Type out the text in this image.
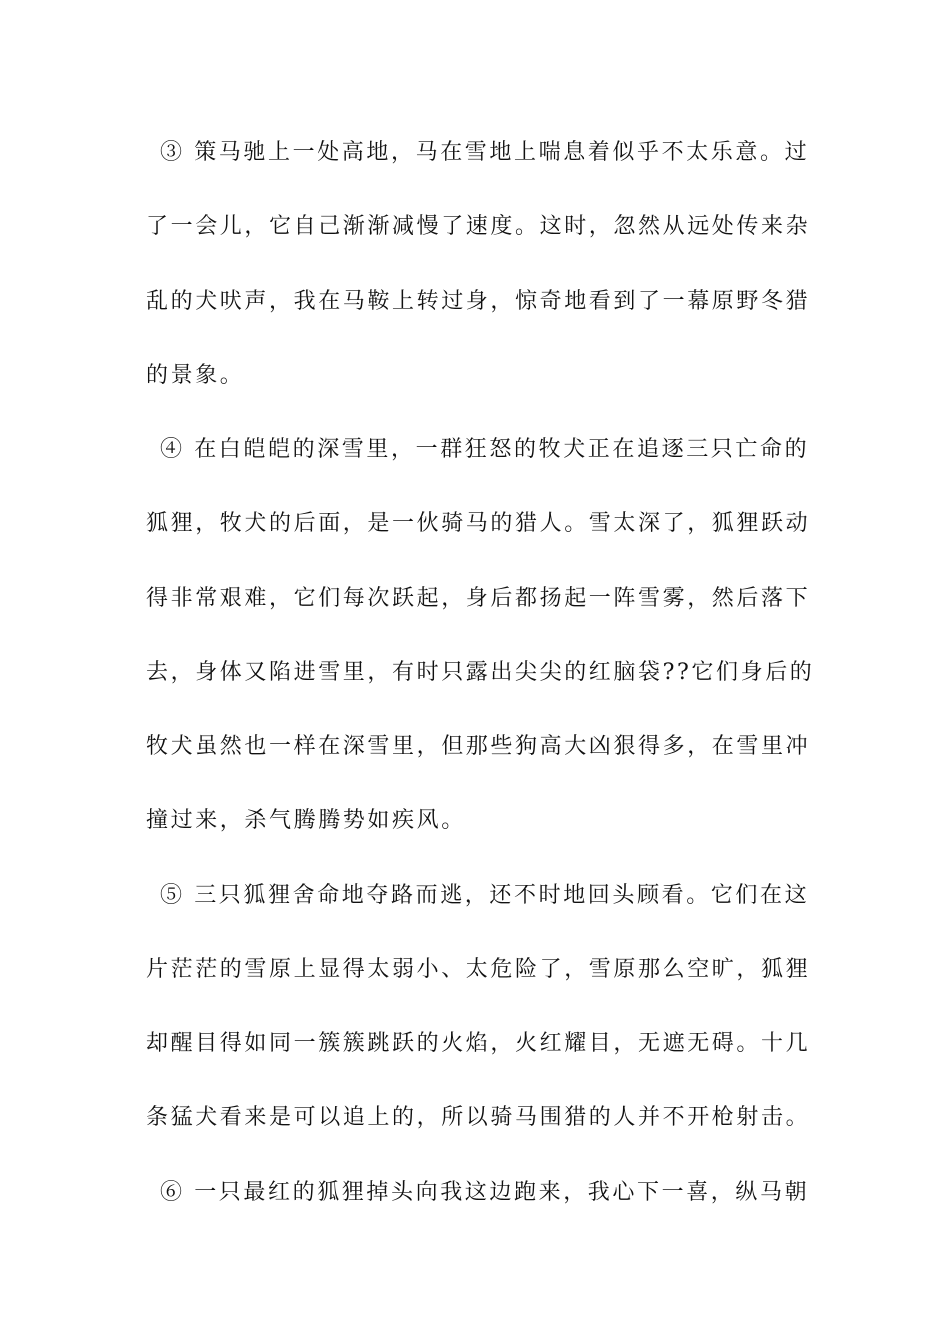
③ 策马驰上一处高地，马在雪地上喘息着似乎不太乐意。过
了一会儿，它自己渐渐减慢了速度。这时，忽然从远处传来杂
乱的犬吠声，我在马鞍上转过身，惊奇地看到了一幕原野冬猎
的景象。
④ 在白皑皑的深雪里，一群狂怒的牧犬正在追逐三只亡命的
狐狸，牧犬的后面，是一伙骑马的猎人。雪太深了，狐狸跃动
得非常艰难，它们每次跃起，身后都扬起一阵雪雾，然后落下
去，身体又陷进雪里，有时只露出尖尖的红脑袋??它们身后的
牧犬虽然也一样在深雪里，但那些狗高大凶狠得多，在雪里冲
撞过来，杀气腾腾势如疾风。
⑤ 三只狐狸舍命地夺路而逃，还不时地回头顾看。它们在这
片茫茫的雪原上显得太弱小、太危险了，雪原那么空旷，狐狸
却醒目得如同一簇簇跳跃的火焰，火红耀目，无遮无碍。十几
条猛犬看来是可以追上的，所以骑马围猎的人并不开枪射击。
⑥ 一只最红的狐狸掉头向我这边跑来，我心下一喜，纵马朝
